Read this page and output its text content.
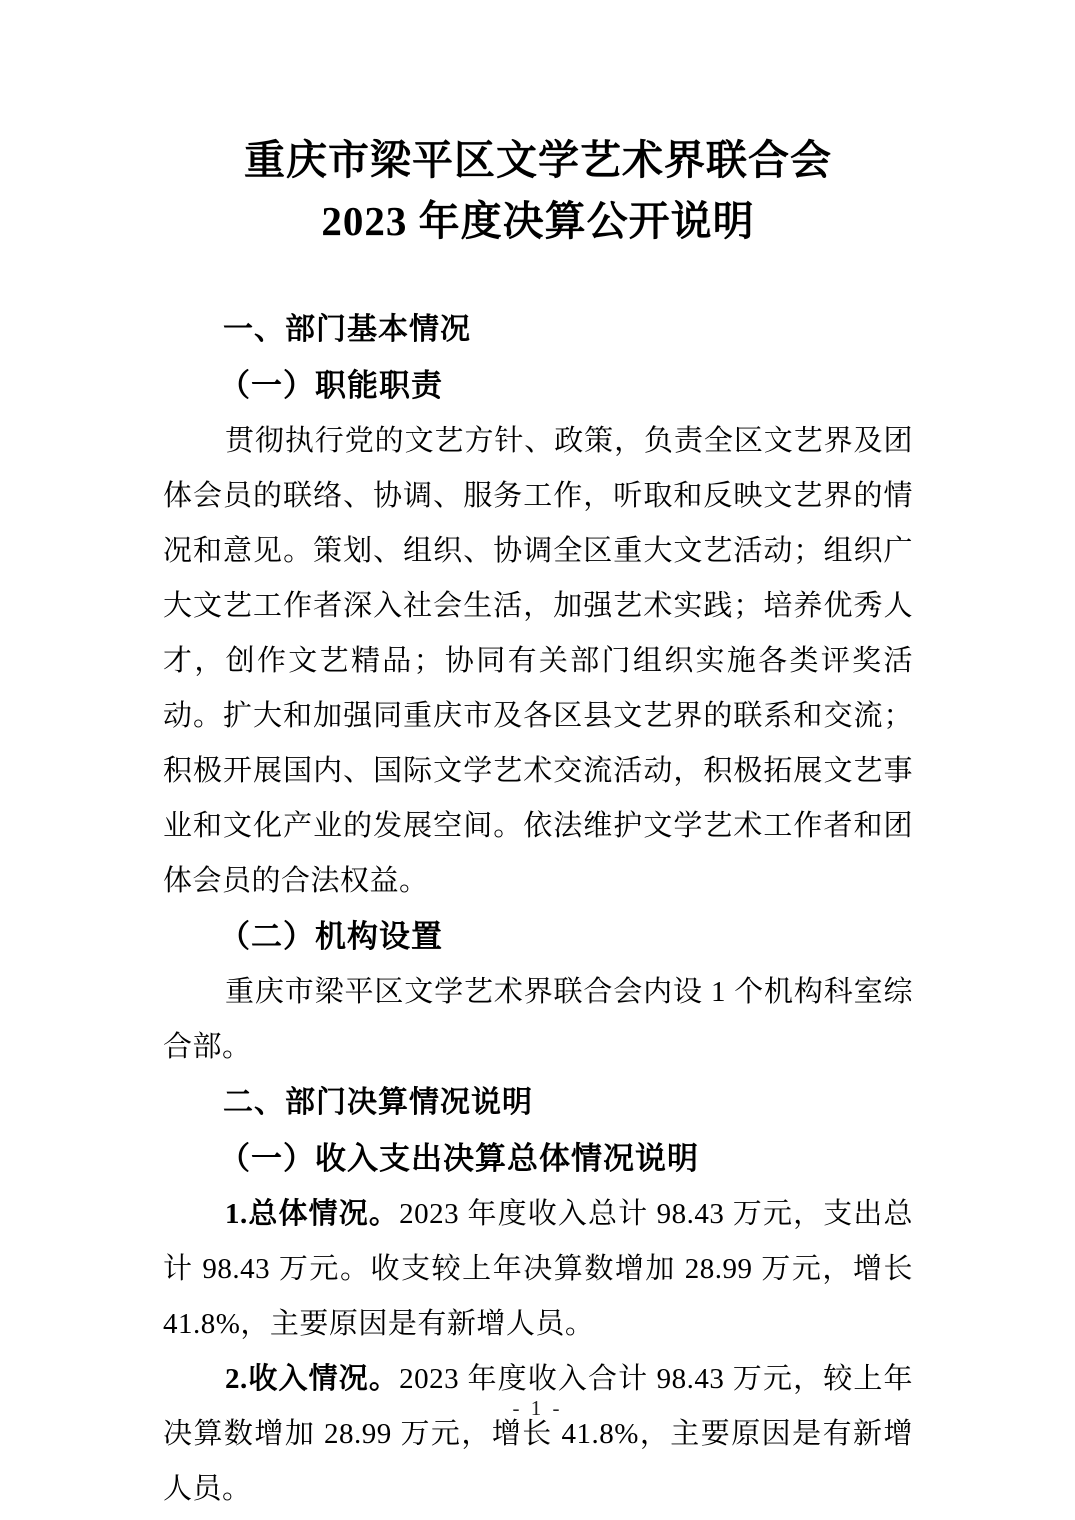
重庆市梁平区文学艺术界联合会

2023 年度决算公开说明

一、部门基本情况
（一）职能职责

贯彻执行党的文艺方针、政策，负责全区文艺界及团体会员的联络、协调、服务工作，听取和反映文艺界的情况和意见。策划、组织、协调全区重大文艺活动；组织广大文艺工作者深入社会生活，加强艺术实践；培养优秀人才，创作文艺精品；协同有关部门组织实施各类评奖活动。扩大和加强同重庆市及各区县文艺界的联系和交流；积极开展国内、国际文学艺术交流活动，积极拓展文艺事业和文化产业的发展空间。依法维护文学艺术工作者和团体会员的合法权益。

（二）机构设置

重庆市梁平区文学艺术界联合会内设 1 个机构科室综合部。

二、部门决算情况说明
（一）收入支出决算总体情况说明

1.总体情况。2023 年度收入总计 98.43 万元，支出总计 98.43 万元。收支较上年决算数增加 28.99 万元，增长 41.8%，主要原因是有新增人员。

2.收入情况。2023 年度收入合计 98.43 万元，较上年决算数增加 28.99 万元，增长 41.8%，主要原因是有新增人员。

- 1 -
